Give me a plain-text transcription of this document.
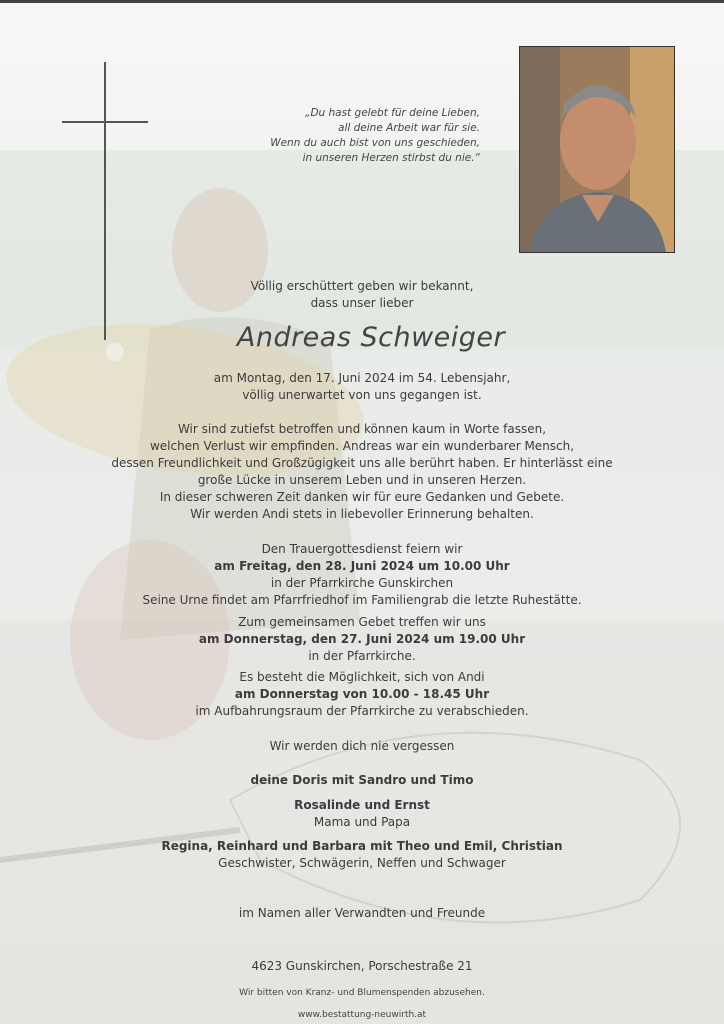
„Du hast gelebt für deine Lieben,
all deine Arbeit war für sie.
Wenn du auch bist von uns geschieden,
in unseren Herzen stirbst du nie.“
Völlig erschüttert geben wir bekannt,
dass unser lieber
Andreas Schweiger
am Montag, den 17. Juni 2024 im 54. Lebensjahr,
völlig unerwartet von uns gegangen ist.
Wir sind zutiefst betroffen und können kaum in Worte fassen,
welchen Verlust wir empfinden. Andreas war ein wunderbarer Mensch,
dessen Freundlichkeit und Großzügigkeit uns alle berührt haben. Er hinterlässt eine
große Lücke in unserem Leben und in unseren Herzen.
In dieser schweren Zeit danken wir für eure Gedanken und Gebete.
Wir werden Andi stets in liebevoller Erinnerung behalten.
Den Trauergottesdienst feiern wir
am Freitag, den 28. Juni 2024 um 10.00 Uhr
in der Pfarrkirche Gunskirchen
Seine Urne findet am Pfarrfriedhof im Familiengrab die letzte Ruhestätte.
Zum gemeinsamen Gebet treffen wir uns
am Donnerstag, den 27. Juni 2024 um 19.00 Uhr
in der Pfarrkirche.
Es besteht die Möglichkeit, sich von Andi
am Donnerstag von 10.00 - 18.45 Uhr
im Aufbahrungsraum der Pfarrkirche zu verabschieden.
Wir werden dich nie vergessen
deine Doris mit Sandro und Timo
Rosalinde und Ernst
Mama und Papa
Regina, Reinhard und Barbara mit Theo und Emil, Christian
Geschwister, Schwägerin, Neffen und Schwager
im Namen aller Verwandten und Freunde
4623 Gunskirchen, Porschestraße 21
Wir bitten von Kranz- und Blumenspenden abzusehen.
www.bestattung-neuwirth.at
